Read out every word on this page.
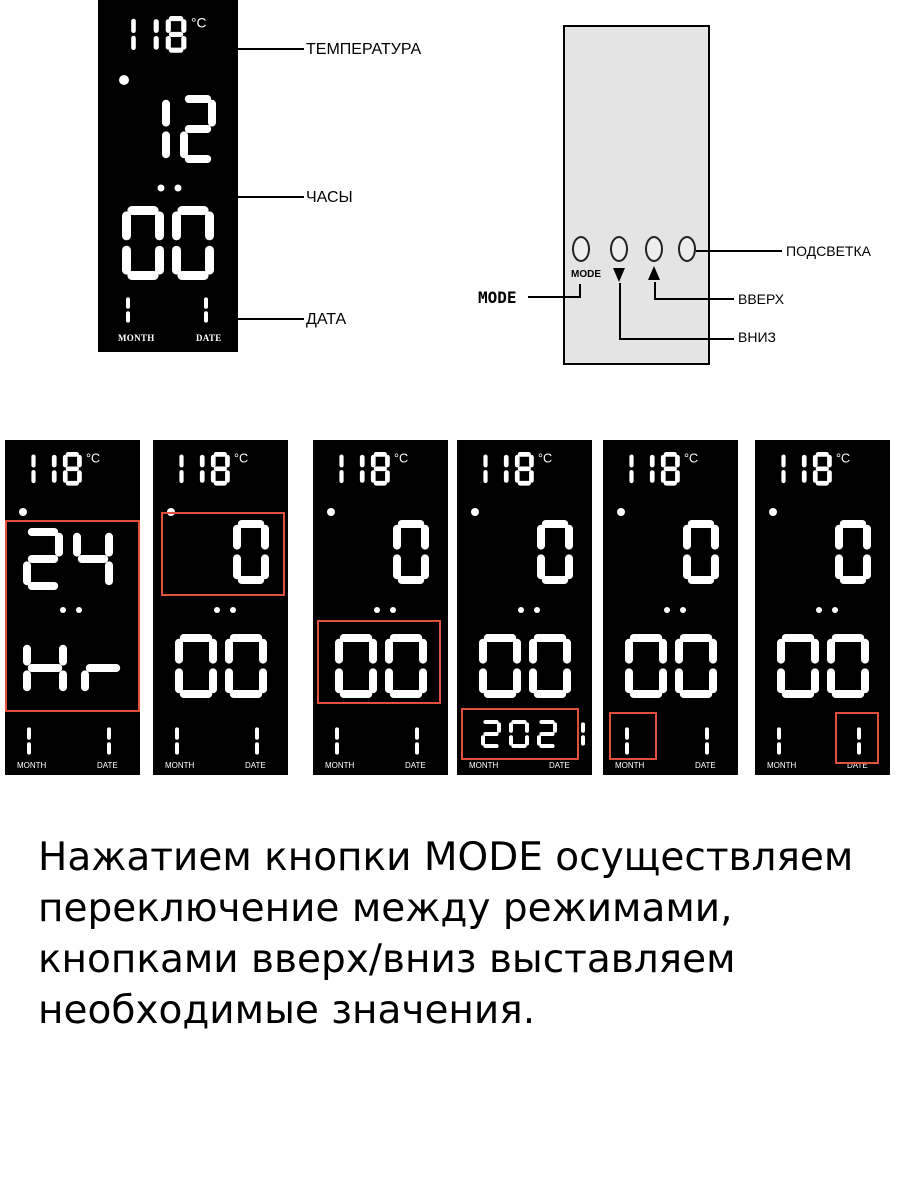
°C
MONTH	DATE
ТЕМПЕРАТУРА
ЧАСЫ
ДАТА
MODE
ПОДСВЕТКА
MODE	ВВЕРХ
ВНИЗ
°C
MONTH	DATE
°C
MONTH	DATE
°C
MONTH	DATE
°C
MONTH	DATE
°C
MONTH	DATE
°C
MONTH	DATE
Нажатием кнопки MODE осуществляем
переключение между режимами,
кнопками вверх/вниз выставляем
необходимые значения.
